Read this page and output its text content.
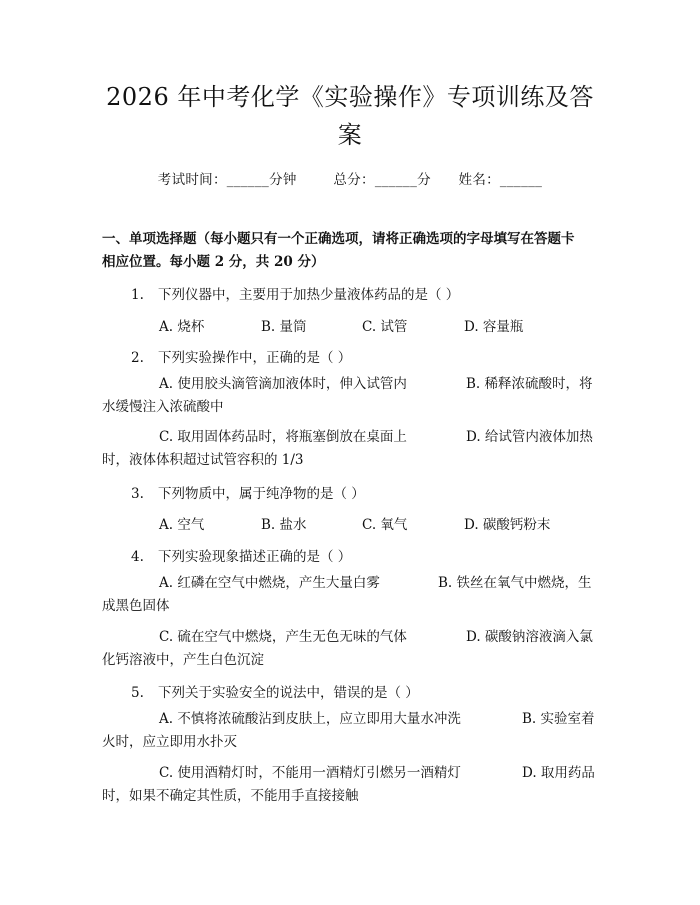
2026 年中考化学《实验操作》专项训练及答
案
考试时间：______分钟	总分：______分 姓名：______
一、单项选择题（每小题只有一个正确选项，请将正确选项的字母填写在答题卡
相应位置。每小题 2 分，共 20 分）
1. 下列仪器中，主要用于加热少量液体药品的是（ ）
A. 烧杯	B. 量筒	C. 试管	D. 容量瓶
2. 下列实验操作中，正确的是（ ）
A. 使用胶头滴管滴加液体时，伸入试管内	B. 稀释浓硫酸时，将
水缓慢注入浓硫酸中
C. 取用固体药品时，将瓶塞倒放在桌面上	D. 给试管内液体加热
时，液体体积超过试管容积的 1/3
3. 下列物质中，属于纯净物的是（ ）
A. 空气	B. 盐水	C. 氧气	D. 碳酸钙粉末
4. 下列实验现象描述正确的是（ ）
A. 红磷在空气中燃烧，产生大量白雾	B. 铁丝在氧气中燃烧，生
成黑色固体
C. 硫在空气中燃烧，产生无色无味的气体	D. 碳酸钠溶液滴入氯
化钙溶液中，产生白色沉淀
5. 下列关于实验安全的说法中，错误的是（ ）
A. 不慎将浓硫酸沾到皮肤上，应立即用大量水冲洗	B. 实验室着
火时，应立即用水扑灭
C. 使用酒精灯时，不能用一酒精灯引燃另一酒精灯	D. 取用药品
时，如果不确定其性质，不能用手直接接触
